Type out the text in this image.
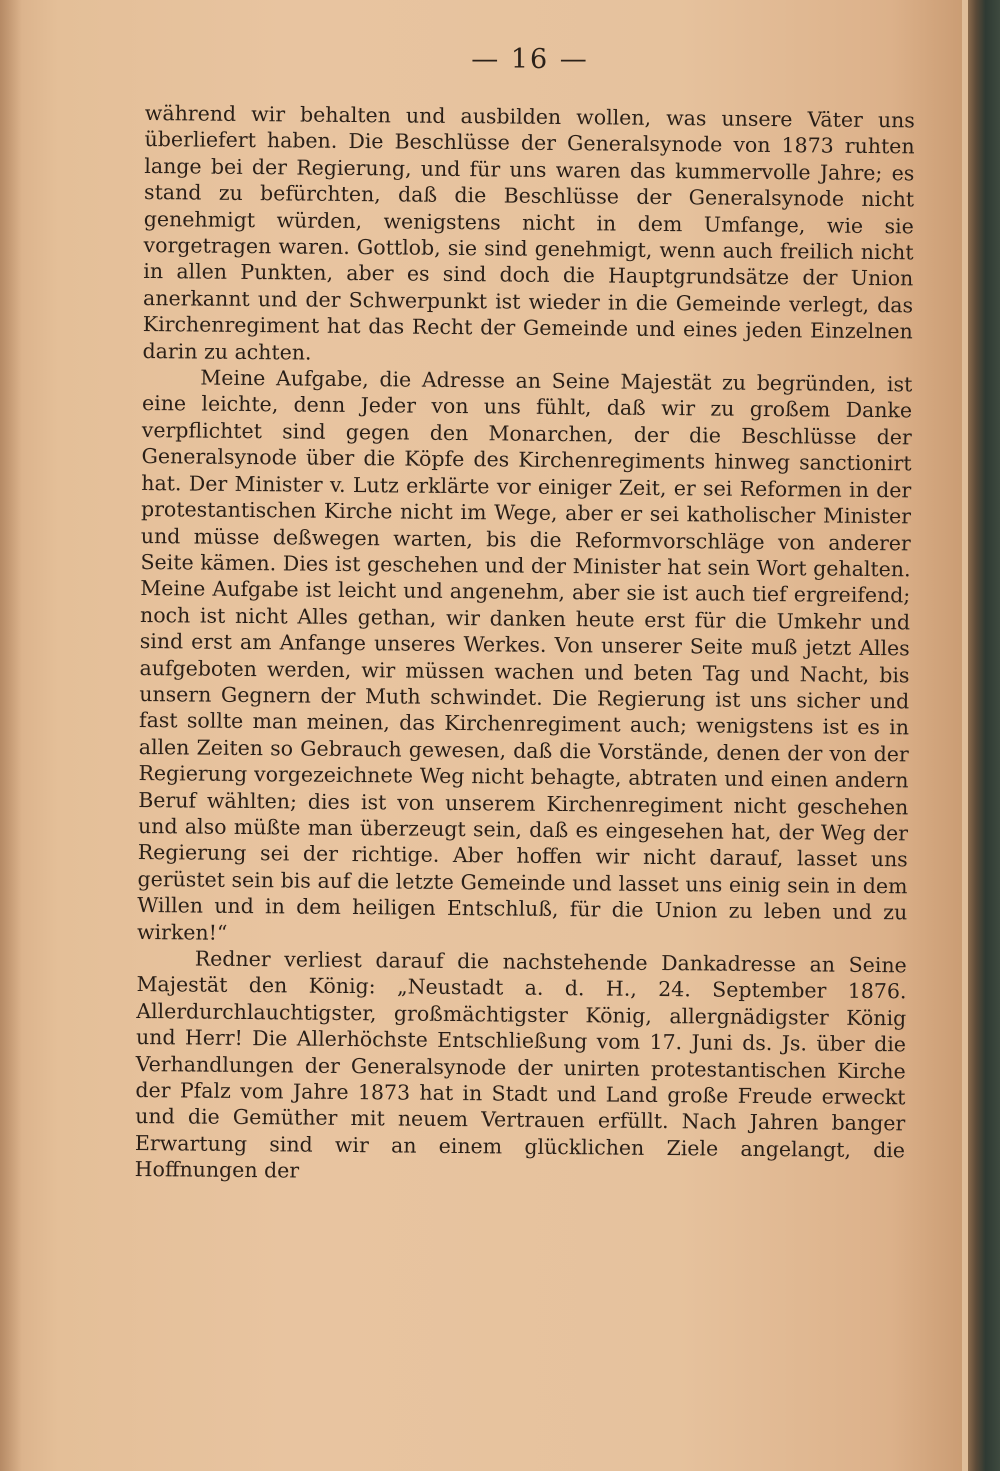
— 16 —

während wir behalten und ausbilden wollen, was unsere Väter uns überliefert haben. Die Beschlüsse der Generalsynode von 1873 ruhten lange bei der Regierung, und für uns waren das kummervolle Jahre; es stand zu befürchten, daß die Beschlüsse der Generalsynode nicht genehmigt würden, wenigstens nicht in dem Umfange, wie sie vorgetragen waren. Gottlob, sie sind genehmigt, wenn auch freilich nicht in allen Punkten, aber es sind doch die Hauptgrundsätze der Union anerkannt und der Schwerpunkt ist wieder in die Gemeinde verlegt, das Kirchenregiment hat das Recht der Gemeinde und eines jeden Einzelnen darin zu achten.

Meine Aufgabe, die Adresse an Seine Majestät zu begründen, ist eine leichte, denn Jeder von uns fühlt, daß wir zu großem Danke verpflichtet sind gegen den Monarchen, der die Beschlüsse der Generalsynode über die Köpfe des Kirchenregiments hinweg sanctionirt hat. Der Minister v. Lutz erklärte vor einiger Zeit, er sei Reformen in der protestantischen Kirche nicht im Wege, aber er sei katholischer Minister und müsse deßwegen warten, bis die Reformvorschläge von anderer Seite kämen. Dies ist geschehen und der Minister hat sein Wort gehalten. Meine Aufgabe ist leicht und angenehm, aber sie ist auch tief ergreifend; noch ist nicht Alles gethan, wir danken heute erst für die Umkehr und sind erst am Anfange unseres Werkes. Von unserer Seite muß jetzt Alles aufgeboten werden, wir müssen wachen und beten Tag und Nacht, bis unsern Gegnern der Muth schwindet. Die Regierung ist uns sicher und fast sollte man meinen, das Kirchenregiment auch; wenigstens ist es in allen Zeiten so Gebrauch gewesen, daß die Vorstände, denen der von der Regierung vorgezeichnete Weg nicht behagte, abtraten und einen andern Beruf wählten; dies ist von unserem Kirchenregiment nicht geschehen und also müßte man überzeugt sein, daß es eingesehen hat, der Weg der Regierung sei der richtige. Aber hoffen wir nicht darauf, lasset uns gerüstet sein bis auf die letzte Gemeinde und lasset uns einig sein in dem Willen und in dem heiligen Entschluß, für die Union zu leben und zu wirken!“

Redner verliest darauf die nachstehende Dankadresse an Seine Majestät den König: „Neustadt a. d. H., 24. September 1876. Allerdurchlauchtigster, großmächtigster König, allergnädigster König und Herr! Die Allerhöchste Entschließung vom 17. Juni ds. Js. über die Verhandlungen der Generalsynode der unirten protestantischen Kirche der Pfalz vom Jahre 1873 hat in Stadt und Land große Freude erweckt und die Gemüther mit neuem Vertrauen erfüllt. Nach Jahren banger Erwartung sind wir an einem glücklichen Ziele angelangt, die Hoffnungen der
